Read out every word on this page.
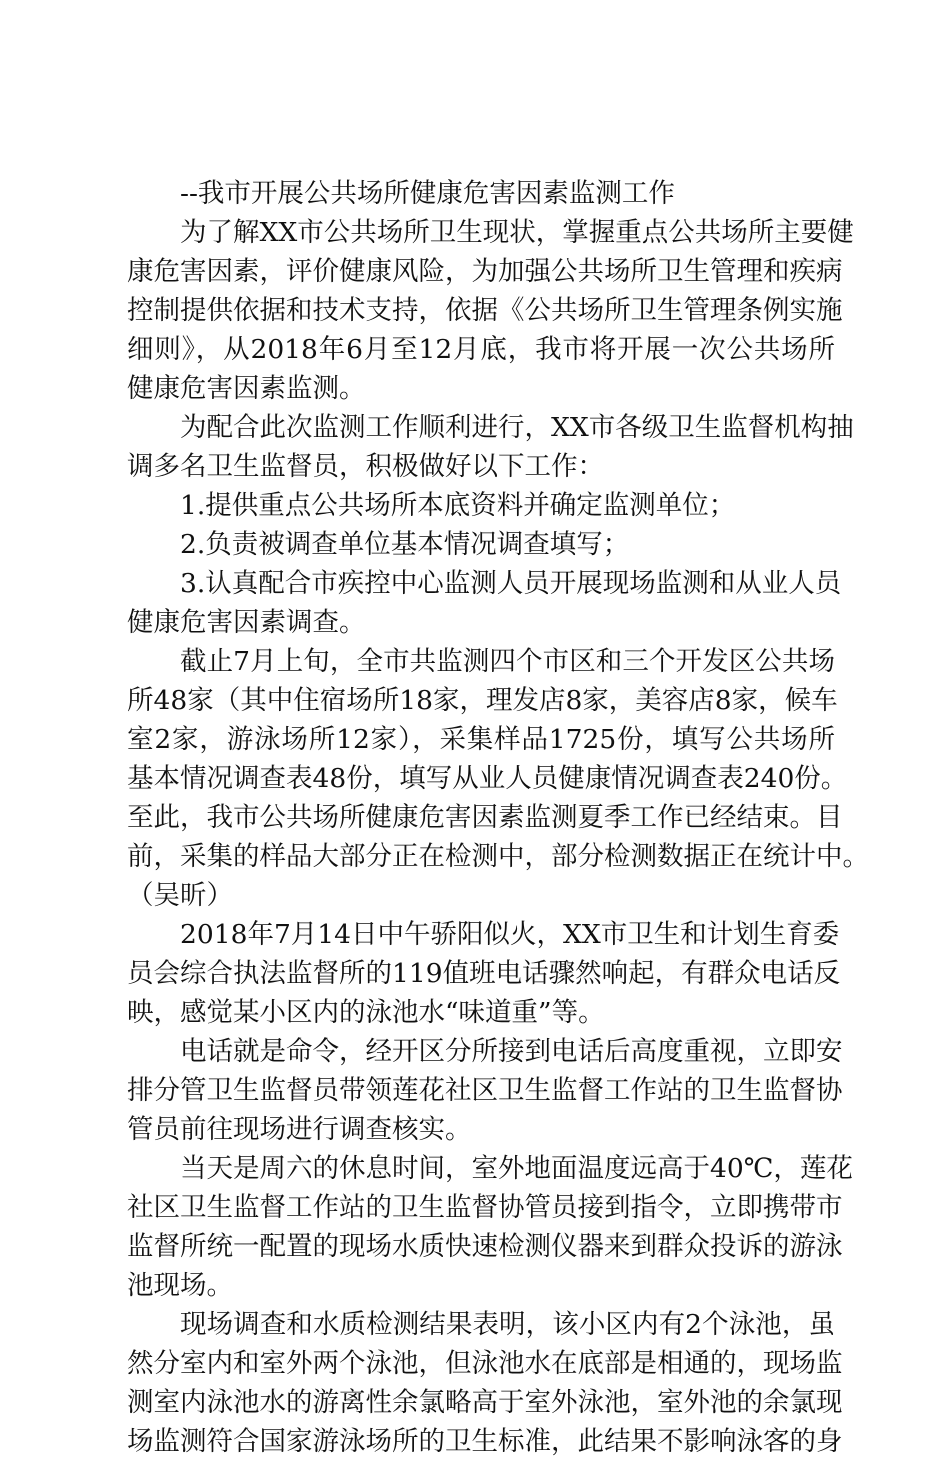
--我市开展公共场所健康危害因素监测工作
为了解XX市公共场所卫生现状，掌握重点公共场所主要健
康危害因素，评价健康风险，为加强公共场所卫生管理和疾病
控制提供依据和技术支持，依据《公共场所卫生管理条例实施
细则》，从2018年6月至12月底，我市将开展一次公共场所
健康危害因素监测。
为配合此次监测工作顺利进行，XX市各级卫生监督机构抽
调多名卫生监督员，积极做好以下工作：
1.提供重点公共场所本底资料并确定监测单位；
2.负责被调查单位基本情况调查填写；
3.认真配合市疾控中心监测人员开展现场监测和从业人员
健康危害因素调查。
截止7月上旬，全市共监测四个市区和三个开发区公共场
所48家（其中住宿场所18家，理发店8家，美容店8家，候车
室2家，游泳场所12家），采集样品1725份，填写公共场所
基本情况调查表48份，填写从业人员健康情况调查表240份。
至此，我市公共场所健康危害因素监测夏季工作已经结束。目
前，采集的样品大部分正在检测中，部分检测数据正在统计中。
（吴昕）
2018年7月14日中午骄阳似火，XX市卫生和计划生育委
员会综合执法监督所的119值班电话骤然响起，有群众电话反
映，感觉某小区内的泳池水“味道重”等。
电话就是命令，经开区分所接到电话后高度重视，立即安
排分管卫生监督员带领莲花社区卫生监督工作站的卫生监督协
管员前往现场进行调查核实。
当天是周六的休息时间，室外地面温度远高于40℃，莲花
社区卫生监督工作站的卫生监督协管员接到指令，立即携带市
监督所统一配置的现场水质快速检测仪器来到群众投诉的游泳
池现场。
现场调查和水质检测结果表明，该小区内有2个泳池，虽
然分室内和室外两个泳池，但泳池水在底部是相通的，现场监
测室内泳池水的游离性余氯略高于室外泳池，室外池的余氯现
场监测符合国家游泳场所的卫生标准，此结果不影响泳客的身
